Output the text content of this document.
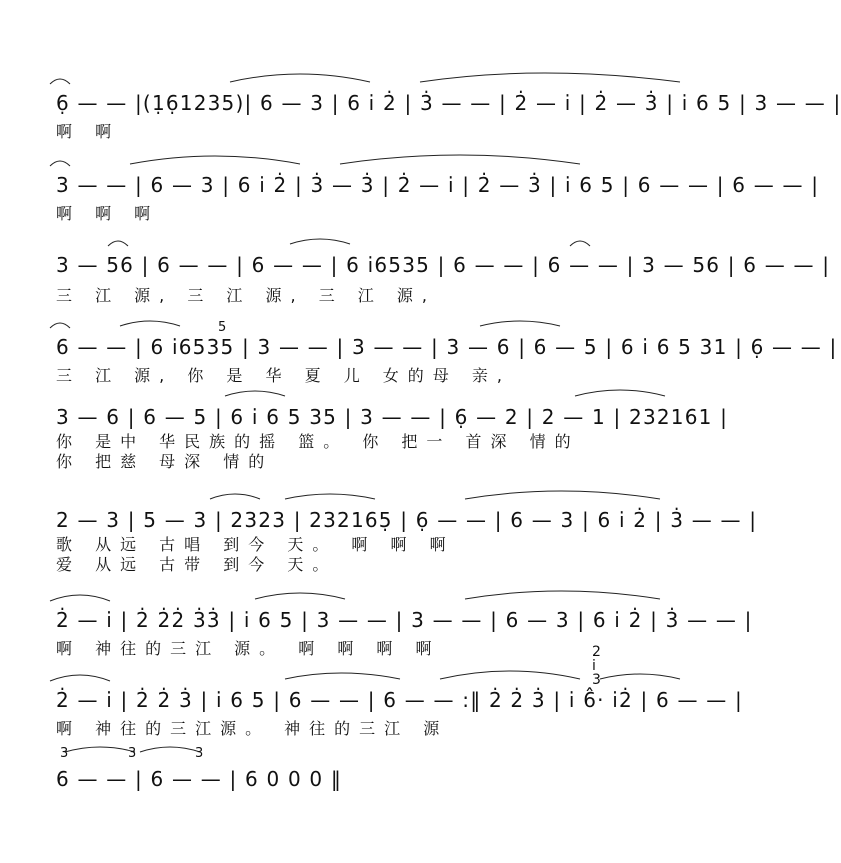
6̣ — — |(1̣6̣1235)| 6 — 3 | 6 i̇ 2̇ | 3̇ — — | 2̇ — i̇ | 2̇ — 3̇ | i̇ 6 5 | 3 — — |
啊 啊
3 — — | 6 — 3 | 6 i̇ 2̇ | 3̇ — 3̇ | 2̇ — i̇ | 2̇ — 3̇ | i̇ 6 5 | 6 — — | 6 — — |
啊 啊 啊
3 — 56 | 6 — — | 6 — — | 6 i̇6535 | 6 — — | 6 — — | 3 — 56 | 6 — — |
三 江 源, 三 江 源, 三 江 源,
5
6 — — | 6 i̇6535 | 3 — — | 3 — — | 3 — 6 | 6 — 5 | 6 i̇ 6 5 31 | 6̣ — — |
三 江 源, 你 是 华 夏 儿 女的母 亲,
3 — 6 | 6 — 5 | 6 i̇ 6 5 35 | 3 — — | 6̣ — 2 | 2 — 1 | 232161 |
你 是中 华民族的摇 篮。 你 把一 首深 情的
你 把慈 母深 情的
2 — 3 | 5 — 3 | 2323 | 232165̣ | 6̣ — — | 6 — 3 | 6 i̇ 2̇ | 3̇ — — |
歌 从远 古唱 到今 天。 啊 啊 啊
爱 从远 古带 到今 天。
2̇ — i̇ | 2̇ 2̇2̇ 3̇3̇ | i̇ 6 5 | 3 — — | 3 — — | 6 — 3 | 6 i̇ 2̇ | 3̇ — — |
啊 神往的三江 源。 啊 啊 啊 啊	2
i
3
2̇ — i̇ | 2̇ 2̇ 3̇ | i̇ 6 5 | 6 — — | 6 — — :‖ 2̇ 2̇ 3̇ | i̇ 6̂· i̇2̇ | 6 — — |
啊 神往的三江源。 神往的三江 源
3	3	3
6 — — | 6 — — | 6 0 0 0 ‖
